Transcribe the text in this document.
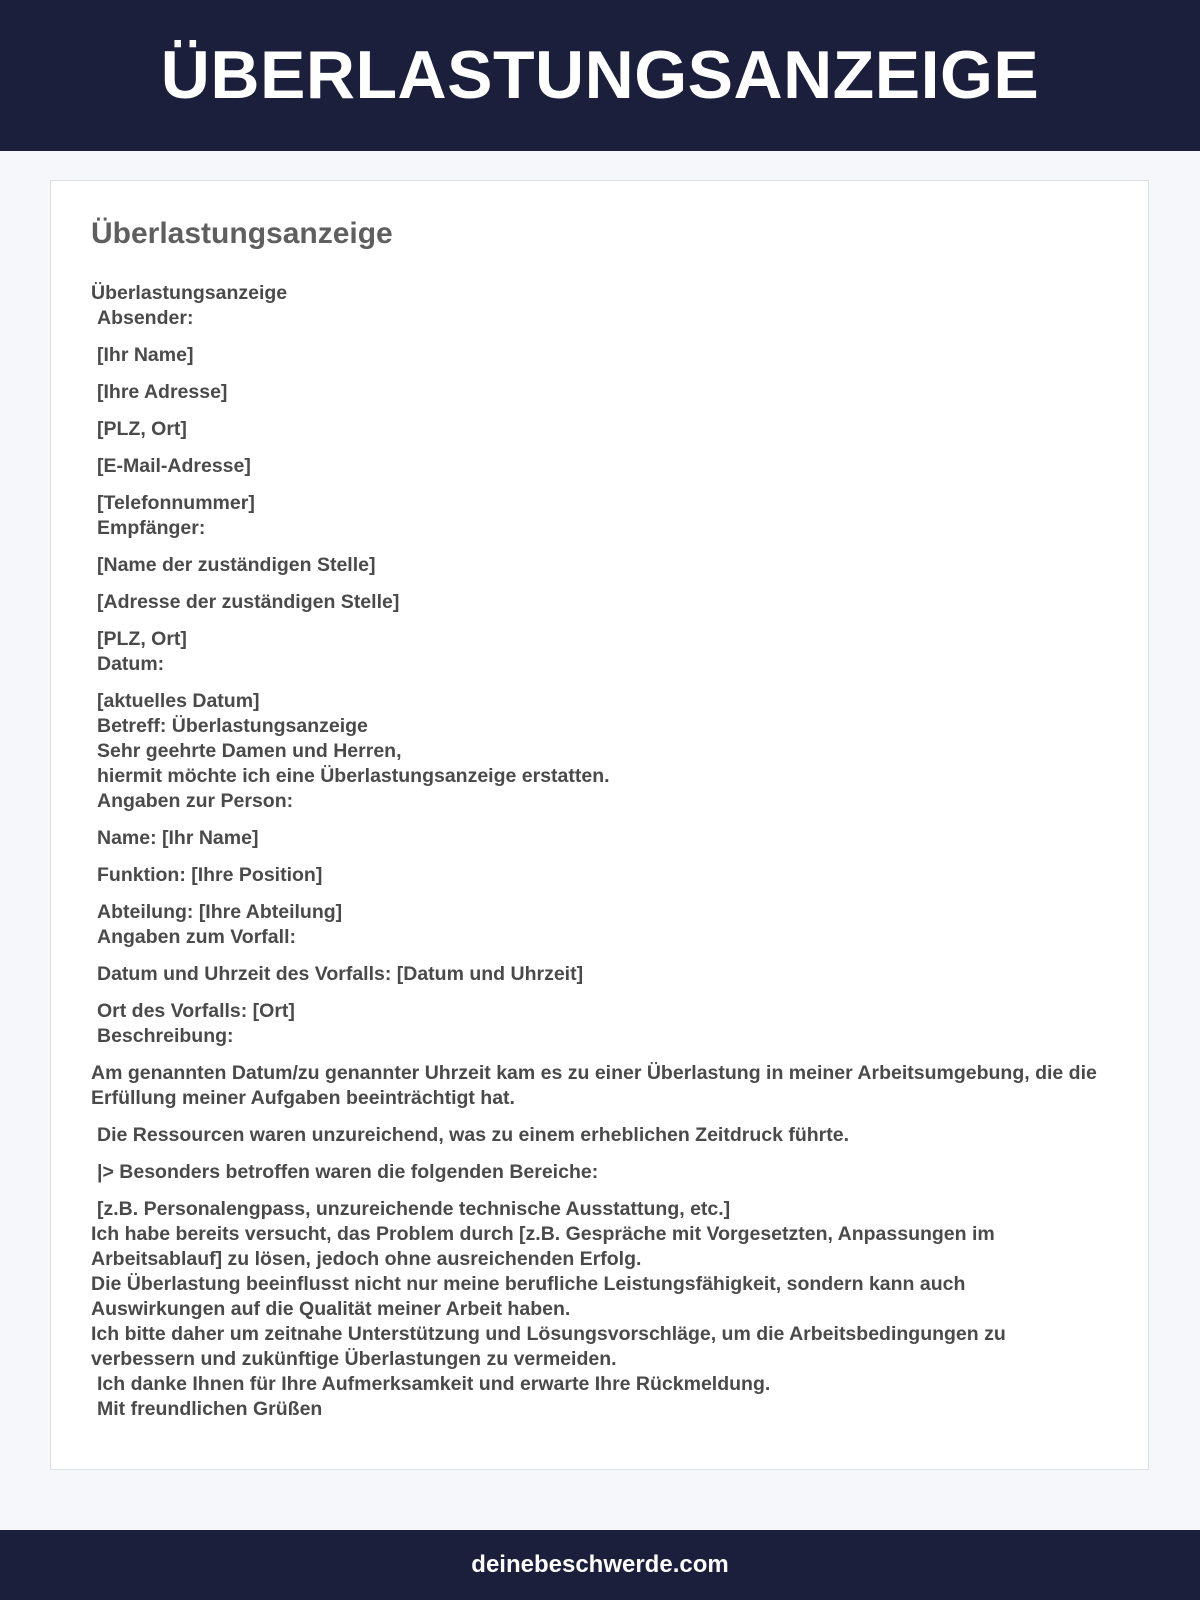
ÜBERLASTUNGSANZEIGE
Überlastungsanzeige
Überlastungsanzeige
Absender:
[Ihr Name]
[Ihre Adresse]
[PLZ, Ort]
[E-Mail-Adresse]
[Telefonnummer]
Empfänger:
[Name der zuständigen Stelle]
[Adresse der zuständigen Stelle]
[PLZ, Ort]
Datum:
[aktuelles Datum]
Betreff: Überlastungsanzeige
Sehr geehrte Damen und Herren,
hiermit möchte ich eine Überlastungsanzeige erstatten.
Angaben zur Person:
Name: [Ihr Name]
Funktion: [Ihre Position]
Abteilung: [Ihre Abteilung]
Angaben zum Vorfall:
Datum und Uhrzeit des Vorfalls: [Datum und Uhrzeit]
Ort des Vorfalls: [Ort]
Beschreibung:
Am genannten Datum/zu genannter Uhrzeit kam es zu einer Überlastung in meiner Arbeitsumgebung, die die Erfüllung meiner Aufgaben beeinträchtigt hat.
Die Ressourcen waren unzureichend, was zu einem erheblichen Zeitdruck führte.
|> Besonders betroffen waren die folgenden Bereiche:
[z.B. Personalengpass, unzureichende technische Ausstattung, etc.]
Ich habe bereits versucht, das Problem durch [z.B. Gespräche mit Vorgesetzten, Anpassungen im Arbeitsablauf] zu lösen, jedoch ohne ausreichenden Erfolg.
Die Überlastung beeinflusst nicht nur meine berufliche Leistungsfähigkeit, sondern kann auch Auswirkungen auf die Qualität meiner Arbeit haben.
Ich bitte daher um zeitnahe Unterstützung und Lösungsvorschläge, um die Arbeitsbedingungen zu verbessern und zukünftige Überlastungen zu vermeiden.
Ich danke Ihnen für Ihre Aufmerksamkeit und erwarte Ihre Rückmeldung.
Mit freundlichen Grüßen
deinebeschwerde.com
